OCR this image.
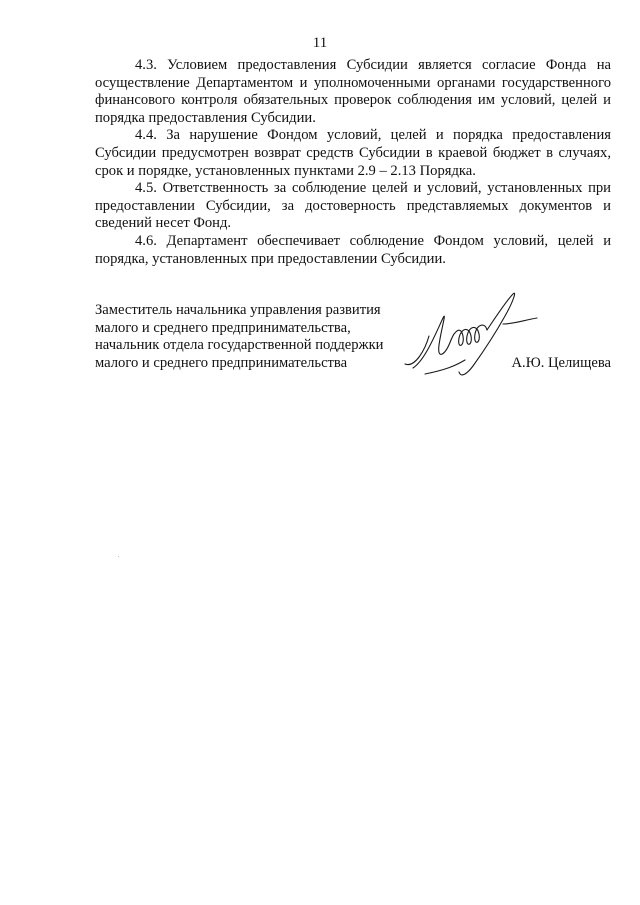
11

4.3. Условием предоставления Субсидии является согласие Фонда на осуществление Департаментом и уполномоченными органами государственного финансового контроля обязательных проверок соблюдения им условий, целей и порядка предоставления Субсидии.

4.4. За нарушение Фондом условий, целей и порядка предоставления Субсидии предусмотрен возврат средств Субсидии в краевой бюджет в случаях, срок и порядке, установленных пунктами 2.9 – 2.13 Порядка.

4.5. Ответственность за соблюдение целей и условий, установленных при предоставлении Субсидии, за достоверность представляемых документов и сведений несет Фонд.

4.6. Департамент обеспечивает соблюдение Фондом условий, целей и порядка, установленных при предоставлении Субсидии.

Заместитель начальника управления развития
малого и среднего предпринимательства,
начальник отдела государственной поддержки
малого и среднего предпринимательства	А.Ю. Целищева
